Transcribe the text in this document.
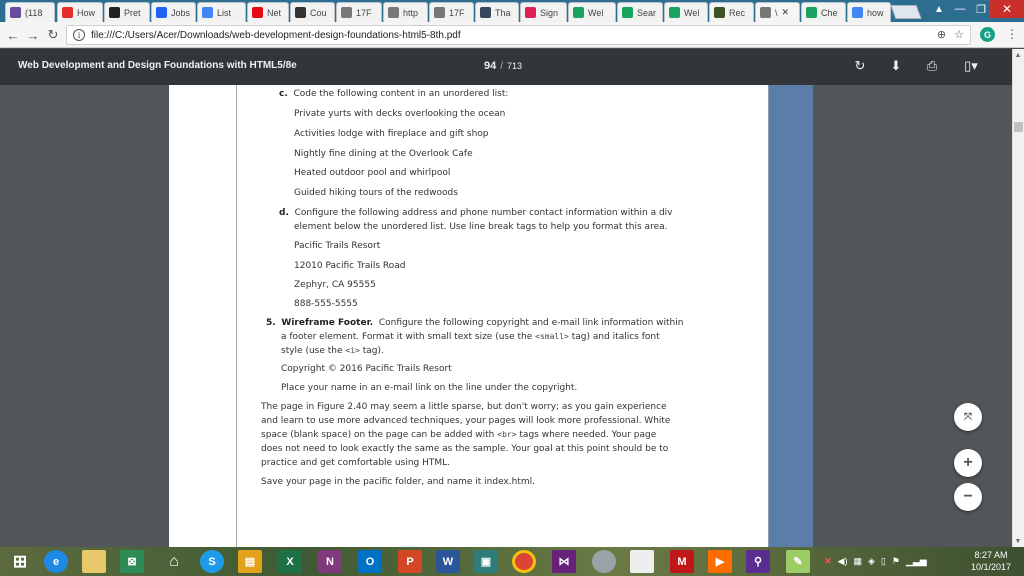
(118	How	Pret	Jobs	List	Net	Cou	17F	http	17F	Tha	Sign	Wel	Sear	Wel	Rec	\ ✕	Che	how	▲ — ❐	✕
← → ↻	i	file:///C:/Users/Acer/Downloads/web-development-design-foundations-html5-8th.pdf	⊕ ☆	G	⋮
Web Development and Design Foundations with HTML5/8e	94 / 713	↻ ⬇ ⎙	▯▾
c. Code the following content in an unordered list:
Private yurts with decks overlooking the ocean
Activities lodge with fireplace and gift shop
Nightly fine dining at the Overlook Cafe
Heated outdoor pool and whirlpool
Guided hiking tours of the redwoods
d. Configure the following address and phone number contact information within a div
element below the unordered list. Use line break tags to help you format this area.
Pacific Trails Resort
12010 Pacific Trails Road
Zephyr, CA 95555
888-555-5555
5. Wireframe Footer. Configure the following copyright and e-mail link information within
a footer element. Format it with small text size (use the <small> tag) and italics font
style (use the <i> tag).
Copyright © 2016 Pacific Trails Resort
Place your name in an e-mail link on the line under the copyright.
The page in Figure 2.40 may seem a little sparse, but don't worry; as you gain experience
and learn to use more advanced techniques, your pages will look more professional. White
space (blank space) on the page can be added with <br> tags where needed. Your page
does not need to look exactly the same as the sample. Your goal at this point should be to
practice and get comfortable using HTML.
Save your page in the pacific folder, and name it index.html.
⤧
+
−
▲
▼
⊞	e	⊠	⌂	S	▤	X	N	O	P	W	▣	⋈	M	▶	⚲	✎	✕ ◀) ▦ ◈ ▯ ⚑ ▁▃▅
8:27 AM
10/1/2017
